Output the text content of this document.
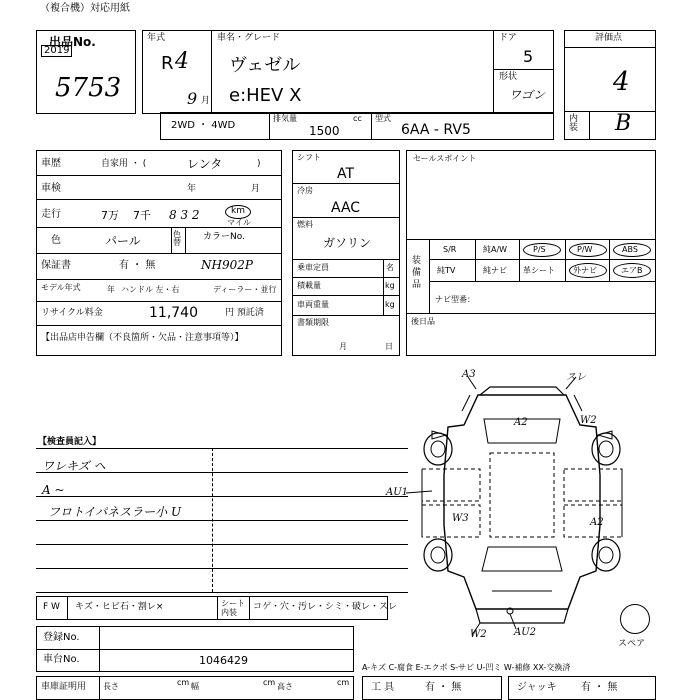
（複合機）対応用紙
出品No.
2019
5753
年式
R 4
9 月
車名・グレード
ヴェゼル
e:HEV X
ドア
5
形状
ワゴン
評価点
4
内装 B
2WD ・ 4WD
排気量	cc
1500
型式
6AA - RV5
車歴	自家用 ・ (	レンタ	)
車検	年	月
走行	7万 7千 8 3 2	km
マイル
色	パール	色替
カラーNo.
保証書	有 ・ 無	NH902P
モデル年式	年 ハンドル 左・右	ディーラー・並行
リサイクル料金	11,740	円 預託済
【出品店申告欄（不良箇所・欠品・注意事項等）】
シフト
AT
冷房
AAC
燃料
ガソリン
乗車定員	名
積載量	kg
車両重量	kg
書類期限
月	日
セールスポイント
装備品
S/R	純A/W	P/S	P/W	ABS
純TV	純ナビ 革シート 外ナビ	エアB
ナビ型番：
後日品
【検査員記入】
ワレキズ ヘ
A ~
フロトイパネスラー小 U
A3	スレ
A2	W2
AU1
W3	A2
W2	AU2
スペア
F W キズ・ヒビ石・割レ×	シート内装
コゲ・穴・汚レ・シミ・破レ・スレ
登録No.
車台No.	1046429
車庫証明用 長さ	cm 幅	cm 高さ	cm
A-キズ C-腐食 E-エクボ S-サビ U-凹ミ W-補修 XX-交換済
工 具	有 ・ 無	ジャッキ 有 ・ 無
